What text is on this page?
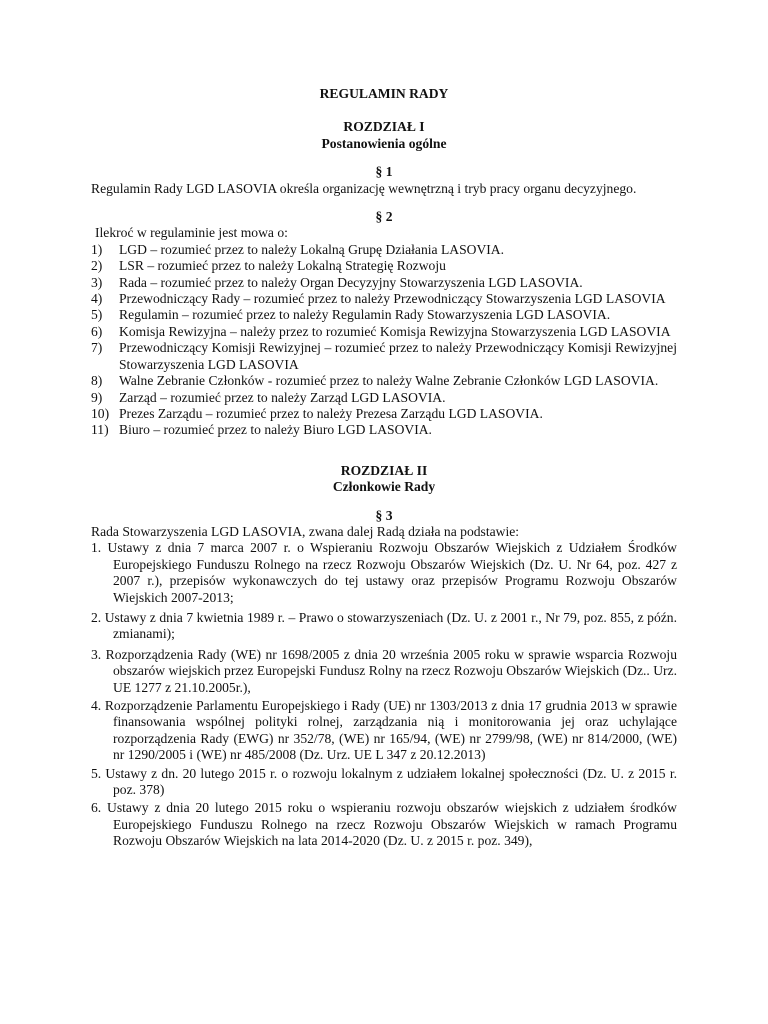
REGULAMIN RADY
ROZDZIAŁ I
Postanowienia ogólne
§ 1
Regulamin Rady LGD LASOVIA określa organizację wewnętrzną i tryb pracy organu decyzyjnego.
§ 2
Ilekroć w regulaminie jest mowa o:
1) LGD – rozumieć przez to należy Lokalną Grupę Działania LASOVIA.
2) LSR – rozumieć przez to należy Lokalną Strategię Rozwoju
3) Rada – rozumieć przez to należy Organ Decyzyjny Stowarzyszenia LGD LASOVIA.
4) Przewodniczący Rady – rozumieć przez to należy Przewodniczący Stowarzyszenia LGD LASOVIA
5) Regulamin – rozumieć przez to należy Regulamin Rady Stowarzyszenia LGD LASOVIA.
6) Komisja Rewizyjna – należy przez to rozumieć Komisja Rewizyjna Stowarzyszenia LGD LASOVIA
7) Przewodniczący Komisji Rewizyjnej – rozumieć przez to należy Przewodniczący Komisji Rewizyjnej Stowarzyszenia LGD LASOVIA
8) Walne Zebranie Członków - rozumieć przez to należy Walne Zebranie Członków LGD LASOVIA.
9) Zarząd – rozumieć przez to należy Zarząd LGD LASOVIA.
10) Prezes Zarządu – rozumieć przez to należy Prezesa Zarządu LGD LASOVIA.
11) Biuro – rozumieć przez to należy Biuro LGD LASOVIA.
ROZDZIAŁ II
Członkowie Rady
§ 3
Rada Stowarzyszenia LGD LASOVIA, zwana dalej Radą działa na podstawie:
1. Ustawy z dnia 7 marca 2007 r. o Wspieraniu Rozwoju Obszarów Wiejskich z Udziałem Środków Europejskiego Funduszu Rolnego na rzecz Rozwoju Obszarów Wiejskich (Dz. U. Nr 64, poz. 427 z 2007 r.), przepisów wykonawczych do tej ustawy oraz przepisów Programu Rozwoju Obszarów Wiejskich 2007-2013;
2. Ustawy z dnia 7 kwietnia 1989 r. – Prawo o stowarzyszeniach (Dz. U. z 2001 r., Nr 79, poz. 855, z późn. zmianami);
3. Rozporządzenia Rady (WE) nr 1698/2005 z dnia 20 września 2005 roku w sprawie wsparcia Rozwoju obszarów wiejskich przez Europejski Fundusz Rolny na rzecz Rozwoju Obszarów Wiejskich (Dz.. Urz. UE 1277 z 21.10.2005r.),
4. Rozporządzenie Parlamentu Europejskiego i Rady (UE) nr 1303/2013 z dnia 17 grudnia 2013 w sprawie finansowania wspólnej polityki rolnej, zarządzania nią i monitorowania jej oraz uchylające rozporządzenia Rady (EWG) nr 352/78, (WE) nr 165/94, (WE) nr 2799/98, (WE) nr 814/2000, (WE) nr 1290/2005 i (WE) nr 485/2008 (Dz. Urz. UE L 347 z 20.12.2013)
5. Ustawy z dn. 20 lutego 2015 r. o rozwoju lokalnym z udziałem lokalnej społeczności (Dz. U. z 2015 r. poz. 378)
6. Ustawy z dnia 20 lutego 2015 roku o wspieraniu rozwoju obszarów wiejskich z udziałem środków Europejskiego Funduszu Rolnego na rzecz Rozwoju Obszarów Wiejskich w ramach Programu Rozwoju Obszarów Wiejskich na lata 2014-2020 (Dz. U. z 2015 r. poz. 349),
